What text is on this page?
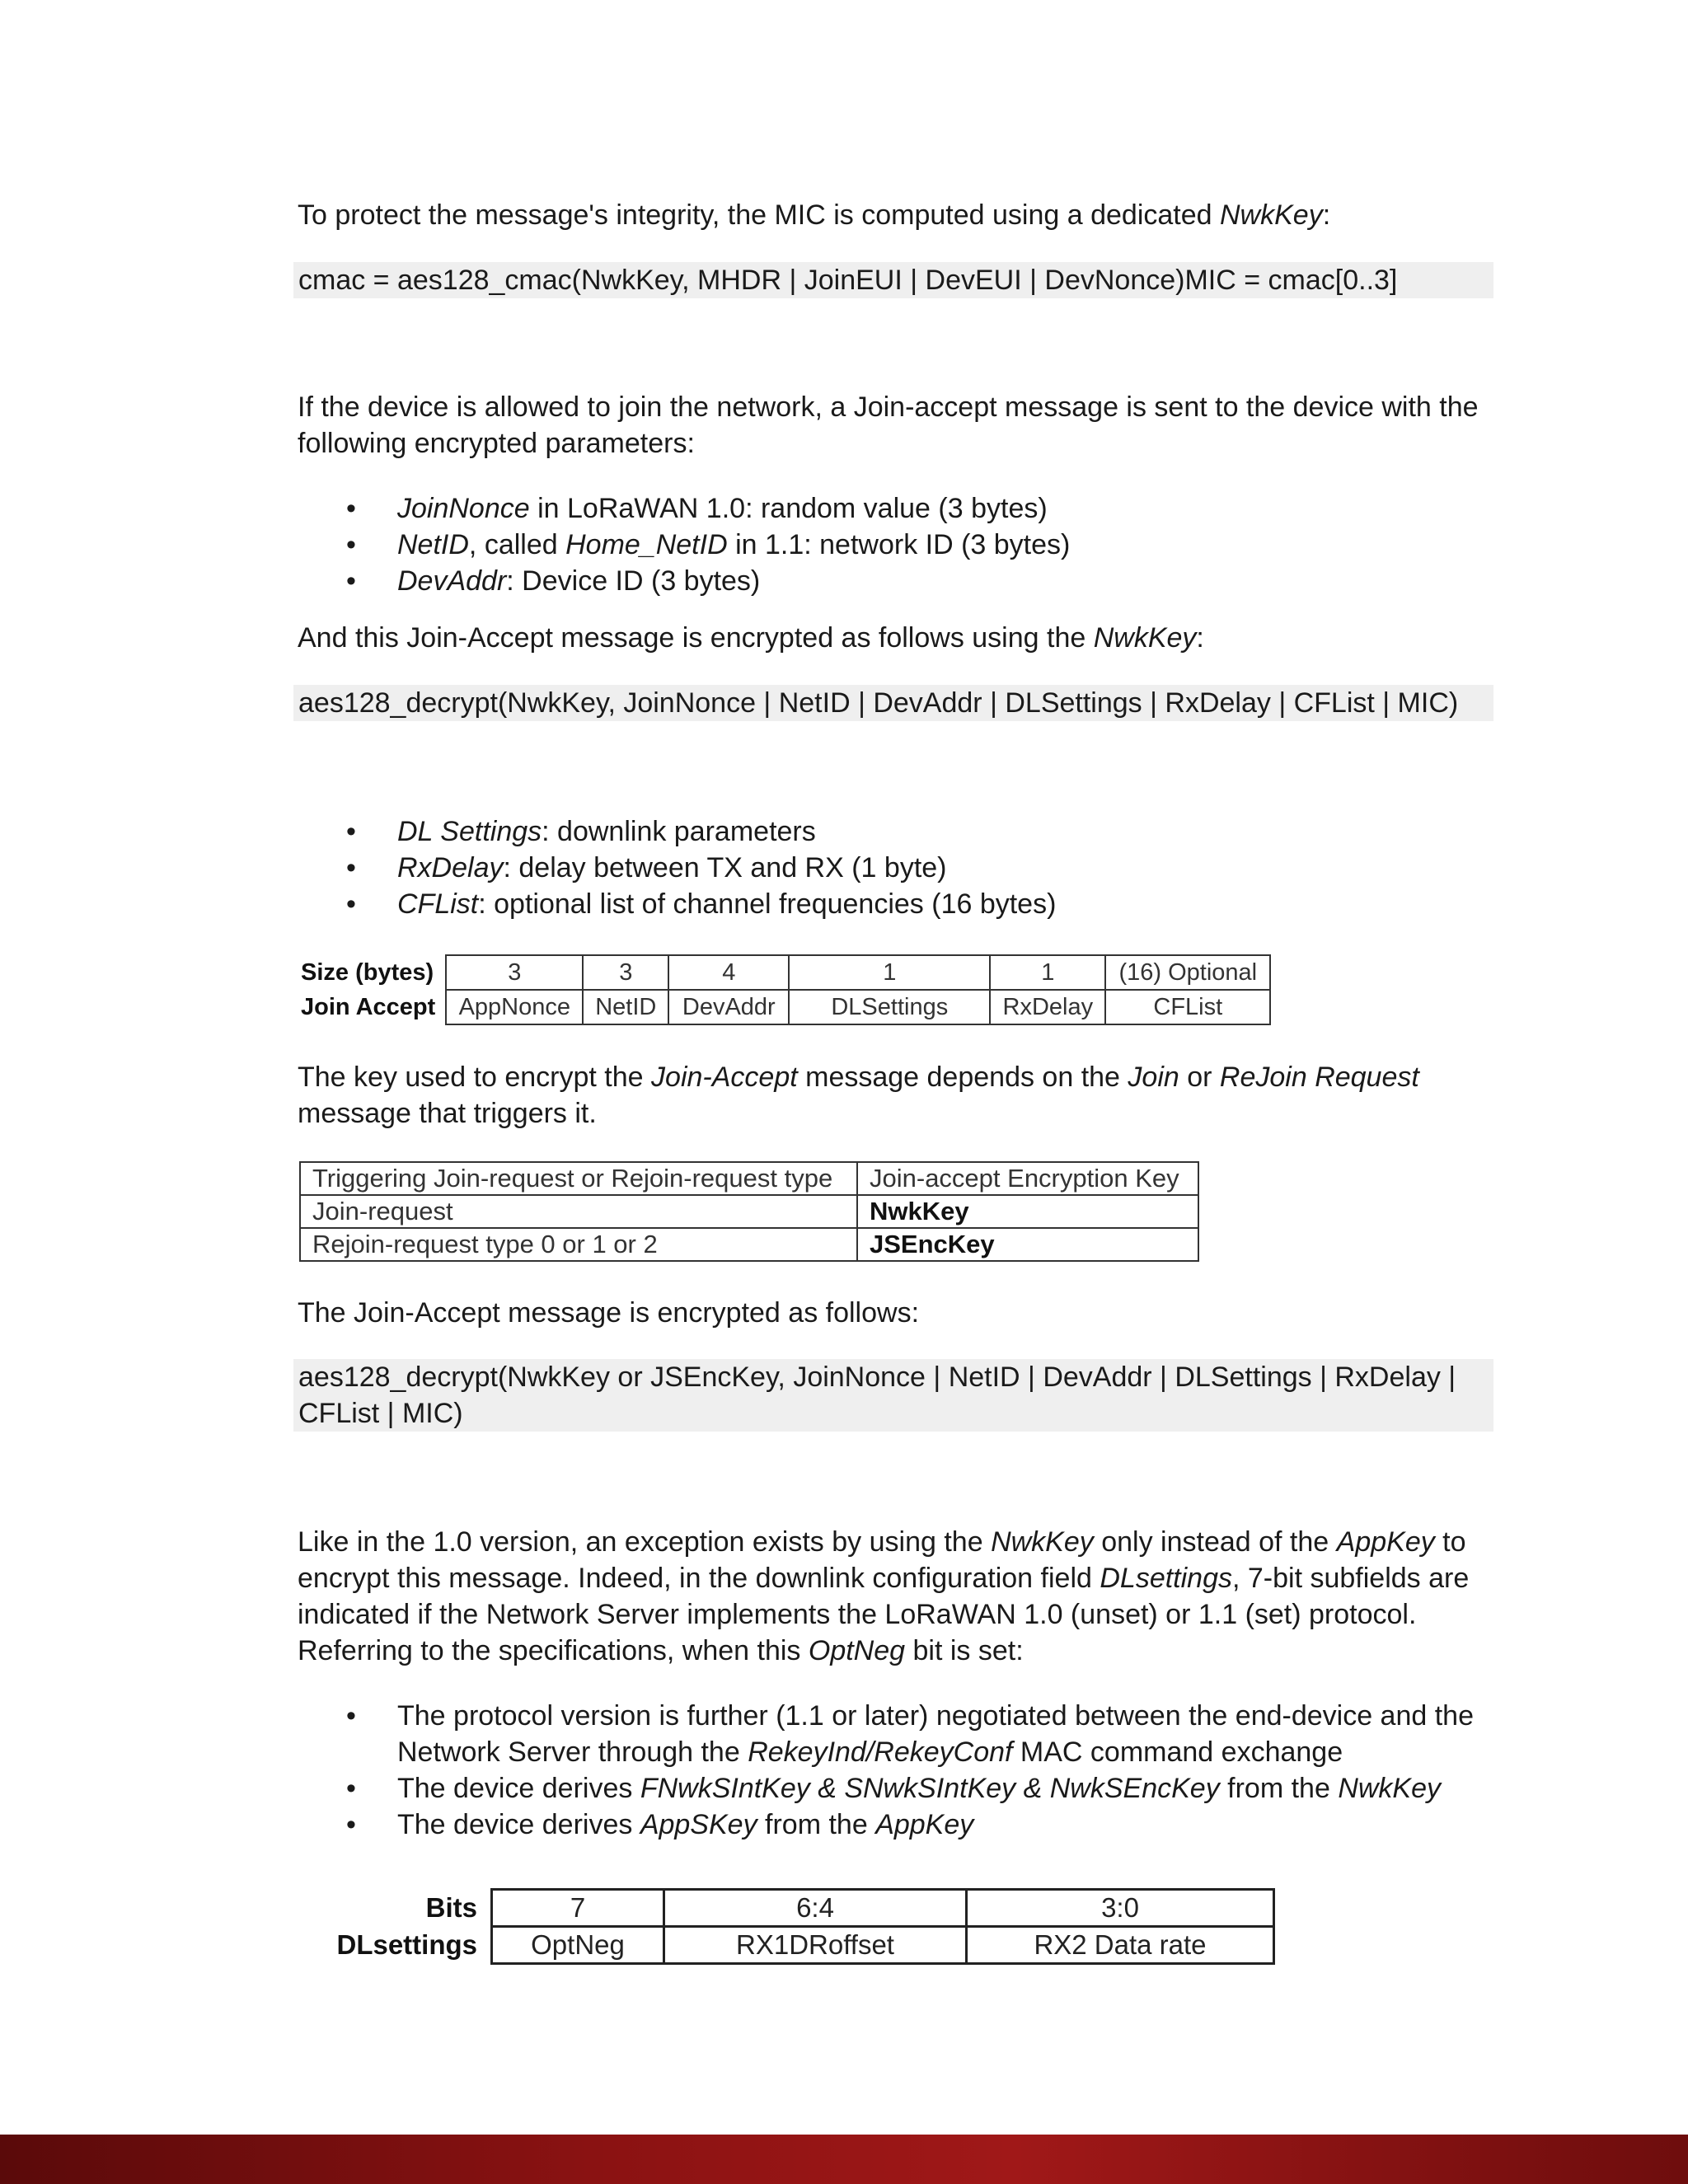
To protect the message's integrity, the MIC is computed using a dedicated NwkKey:

cmac = aes128_cmac(NwkKey, MHDR | JoinEUI | DevEUI | DevNonce)MIC = cmac[0..3]

If the device is allowed to join the network, a Join-accept message is sent to the device with the following encrypted parameters:

• JoinNonce in LoRaWAN 1.0: random value (3 bytes)
• NetID, called Home_NetID in 1.1: network ID (3 bytes)
• DevAddr: Device ID (3 bytes)

And this Join-Accept message is encrypted as follows using the NwkKey:

aes128_decrypt(NwkKey, JoinNonce | NetID | DevAddr | DLSettings | RxDelay | CFList | MIC)

• DL Settings: downlink parameters
• RxDelay: delay between TX and RX (1 byte)
• CFList: optional list of channel frequencies (16 bytes)
Size (bytes)	3	3	4	1	1	(16) Optional
Join Accept	AppNonce	NetID	DevAddr	DLSettings	RxDelay	CFList

The key used to encrypt the Join-Accept message depends on the Join or ReJoin Request message that triggers it.

Triggering Join-request or Rejoin-request type	Join-accept Encryption Key
Join-request	NwkKey
Rejoin-request type 0 or 1 or 2	JSEncKey

The Join-Accept message is encrypted as follows:

aes128_decrypt(NwkKey or JSEncKey, JoinNonce | NetID | DevAddr | DLSettings | RxDelay | CFList | MIC)

Like in the 1.0 version, an exception exists by using the NwkKey only instead of the AppKey to encrypt this message. Indeed, in the downlink configuration field DLsettings, 7-bit subfields are indicated if the Network Server implements the LoRaWAN 1.0 (unset) or 1.1 (set) protocol. Referring to the specifications, when this OptNeg bit is set:

• The protocol version is further (1.1 or later) negotiated between the end-device and the Network Server through the RekeyInd/RekeyConf MAC command exchange
• The device derives FNwkSIntKey & SNwkSIntKey & NwkSEncKey from the NwkKey
• The device derives AppSKey from the AppKey
Bits	7	6:4	3:0
DLsettings	OptNeg	RX1DRoffset	RX2 Data rate
